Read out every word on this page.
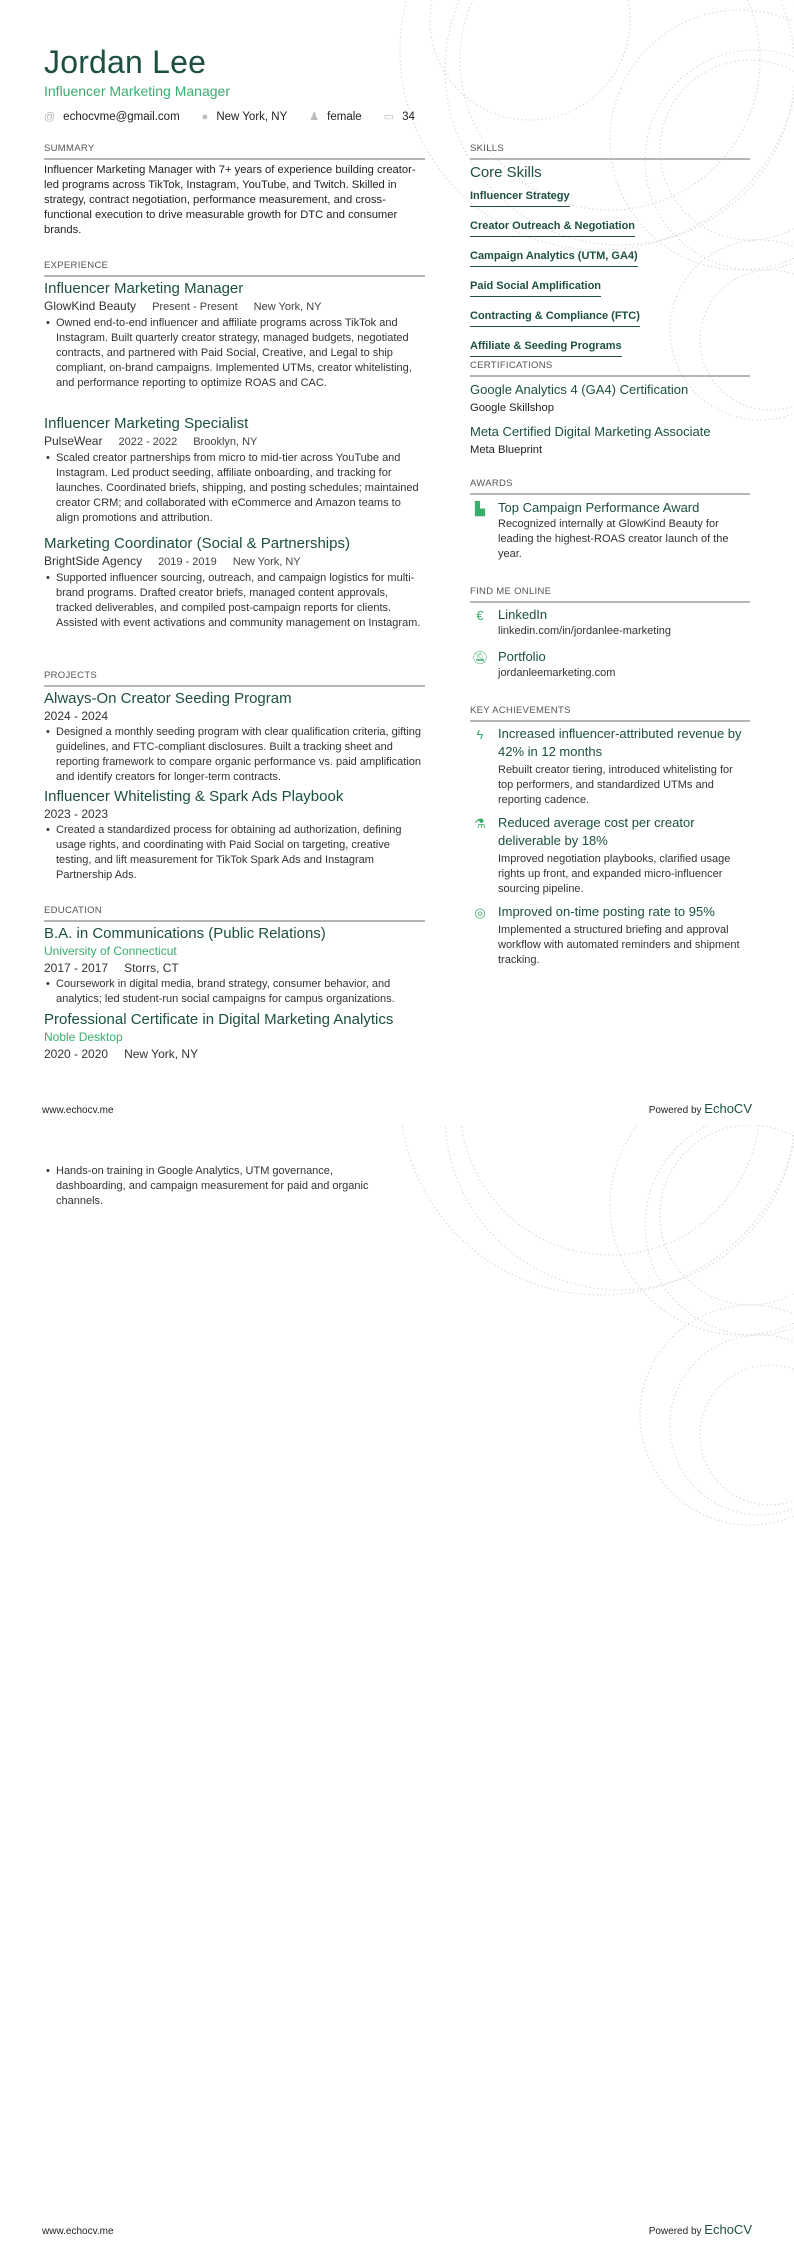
Jordan Lee
Influencer Marketing Manager
@ echocvme@gmail.com ● New York, NY ♟ female ▭ 34
SUMMARY
Influencer Marketing Manager with 7+ years of experience building creator-led programs across TikTok, Instagram, YouTube, and Twitch. Skilled in strategy, contract negotiation, performance measurement, and cross-functional execution to drive measurable growth for DTC and consumer brands.
EXPERIENCE
Influencer Marketing Manager
GlowKind Beauty Present - Present New York, NY
• Owned end-to-end influencer and affiliate programs across TikTok and Instagram. Built quarterly creator strategy, managed budgets, negotiated contracts, and partnered with Paid Social, Creative, and Legal to ship compliant, on-brand campaigns. Implemented UTMs, creator whitelisting, and performance reporting to optimize ROAS and CAC.
Influencer Marketing Specialist
PulseWear 2022 - 2022 Brooklyn, NY
• Scaled creator partnerships from micro to mid-tier across YouTube and Instagram. Led product seeding, affiliate onboarding, and tracking for launches. Coordinated briefs, shipping, and posting schedules; maintained creator CRM; and collaborated with eCommerce and Amazon teams to align promotions and attribution.
Marketing Coordinator (Social & Partnerships)
BrightSide Agency 2019 - 2019 New York, NY
• Supported influencer sourcing, outreach, and campaign logistics for multi-brand programs. Drafted creator briefs, managed content approvals, tracked deliverables, and compiled post-campaign reports for clients. Assisted with event activations and community management on Instagram.
PROJECTS
Always-On Creator Seeding Program
2024 - 2024
• Designed a monthly seeding program with clear qualification criteria, gifting guidelines, and FTC-compliant disclosures. Built a tracking sheet and reporting framework to compare organic performance vs. paid amplification and identify creators for longer-term contracts.
Influencer Whitelisting & Spark Ads Playbook
2023 - 2023
• Created a standardized process for obtaining ad authorization, defining usage rights, and coordinating with Paid Social on targeting, creative testing, and lift measurement for TikTok Spark Ads and Instagram Partnership Ads.
EDUCATION
B.A. in Communications (Public Relations)
University of Connecticut
2017 - 2017 Storrs, CT
• Coursework in digital media, brand strategy, consumer behavior, and analytics; led student-run social campaigns for campus organizations.
Professional Certificate in Digital Marketing Analytics
Noble Desktop
2020 - 2020 New York, NY
• Hands-on training in Google Analytics, UTM governance, dashboarding, and campaign measurement for paid and organic channels.
SKILLS
Core Skills
Influencer Strategy
Creator Outreach & Negotiation
Campaign Analytics (UTM, GA4)
Paid Social Amplification
Contracting & Compliance (FTC)
Affiliate & Seeding Programs
CERTIFICATIONS
Google Analytics 4 (GA4) Certification
Google Skillshop
Meta Certified Digital Marketing Associate
Meta Blueprint
AWARDS
▙ Top Campaign Performance Award
Recognized internally at GlowKind Beauty for leading the highest-ROAS creator launch of the year.
FIND ME ONLINE
€	LinkedIn
linkedin.com/in/jordanlee-marketing
🔕︎ Portfolio
jordanleemarketing.com
KEY ACHIEVEMENTS
ϟ	Increased influencer-attributed revenue by 42% in 12 months
Rebuilt creator tiering, introduced whitelisting for top performers, and standardized UTMs and reporting cadence.
⚗ Reduced average cost per creator deliverable by 18%
Improved negotiation playbooks, clarified usage rights up front, and expanded micro-influencer sourcing pipeline.
◎ Improved on-time posting rate to 95%
Implemented a structured briefing and approval workflow with automated reminders and shipment tracking.
www.echocv.me	Powered by EchoCV
www.echocv.me	Powered by EchoCV
